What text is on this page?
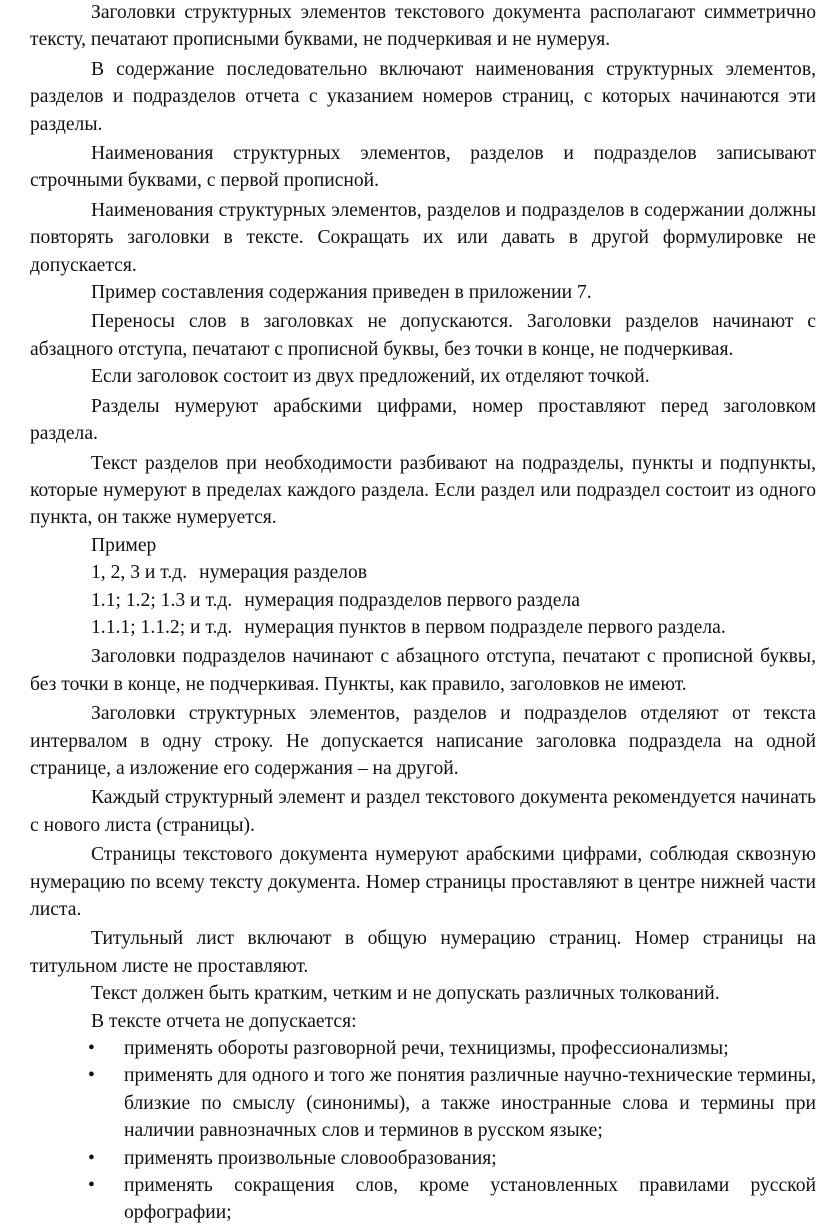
Заголовки структурных элементов текстового документа располагают симметрично тексту, печатают прописными буквами, не подчеркивая и не нумеруя.

В содержание последовательно включают наименования структурных элементов, разделов и подразделов отчета с указанием номеров страниц, с которых начинаются эти разделы.

Наименования структурных элементов, разделов и подразделов записывают строчными буквами, с первой прописной.

Наименования структурных элементов, разделов и подразделов в содержании должны повторять заголовки в тексте. Сокращать их или давать в другой формулировке не допускается.

Пример составления содержания приведен в приложении 7.

Переносы слов в заголовках не допускаются. Заголовки разделов начинают с абзацного отступа, печатают с прописной буквы, без точки в конце, не подчеркивая.

Если заголовок состоит из двух предложений, их отделяют точкой.

Разделы нумеруют арабскими цифрами, номер проставляют перед заголовком раздела.

Текст разделов при необходимости разбивают на подразделы, пункты и подпункты, которые нумеруют в пределах каждого раздела. Если раздел или подраздел состоит из одного пункта, он также нумеруется.

Пример

1, 2, 3 и т.д. нумерация разделов

1.1; 1.2; 1.3 и т.д. нумерация подразделов первого раздела

1.1.1; 1.1.2; и т.д. нумерация пунктов в первом подразделе первого раздела.

Заголовки подразделов начинают с абзацного отступа, печатают с прописной буквы, без точки в конце, не подчеркивая. Пункты, как правило, заголовков не имеют.

Заголовки структурных элементов, разделов и подразделов отделяют от текста интервалом в одну строку. Не допускается написание заголовка подраздела на одной странице, а изложение его содержания – на другой.

Каждый структурный элемент и раздел текстового документа рекомендуется начинать с нового листа (страницы).

Страницы текстового документа нумеруют арабскими цифрами, соблюдая сквозную нумерацию по всему тексту документа. Номер страницы проставляют в центре нижней части листа.

Титульный лист включают в общую нумерацию страниц. Номер страницы на титульном листе не проставляют.

Текст должен быть кратким, четким и не допускать различных толкований.

В тексте отчета не допускается:

• применять обороты разговорной речи, техницизмы, профессионализмы;
• применять для одного и того же понятия различные научно-технические термины, близкие по смыслу (синонимы), а также иностранные слова и термины при наличии равнозначных слов и терминов в русском языке;
• применять произвольные словообразования;
• применять сокращения слов, кроме установленных правилами русской орфографии;
